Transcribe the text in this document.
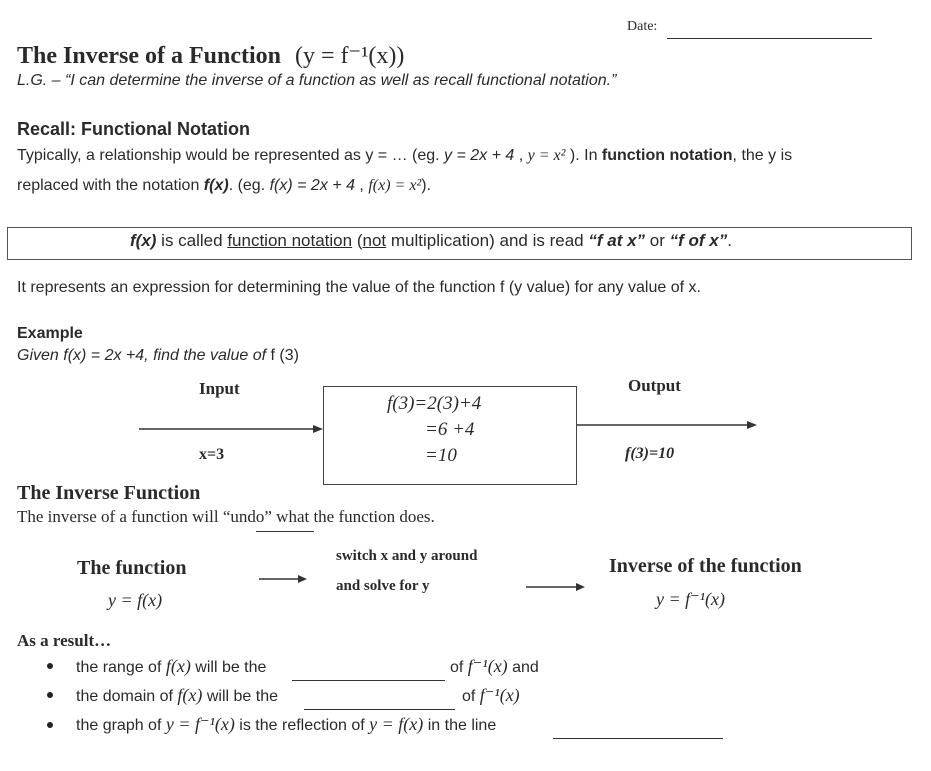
Date:
The Inverse of a Function (y = f⁻¹(x))
L.G. – “I can determine the inverse of a function as well as recall functional notation.”
Recall: Functional Notation
Typically, a relationship would be represented as y = … (eg. y = 2x + 4 , y = x² ). In function notation, the y is
replaced with the notation f(x). (eg. f(x) = 2x + 4 , f(x) = x²).
f(x) is called function notation (not multiplication) and is read “f at x” or “f of x”.
It represents an expression for determining the value of the function f (y value) for any value of x.
Example
Given f(x) = 2x +4, find the value of f (3)
Input	Output
f(3)=2(3)+4
=6 +4
=10
x=3	f(3)=10
The Inverse Function
The inverse of a function will “undo” what the function does.
The function
y = f(x)
switch x and y around
and solve for y
Inverse of the function
y = f⁻¹(x)
As a result…
the range of f(x) will be the	of f⁻¹(x) and
the domain of f(x) will be the	of f⁻¹(x)
the graph of y = f⁻¹(x) is the reflection of y = f(x) in the line
